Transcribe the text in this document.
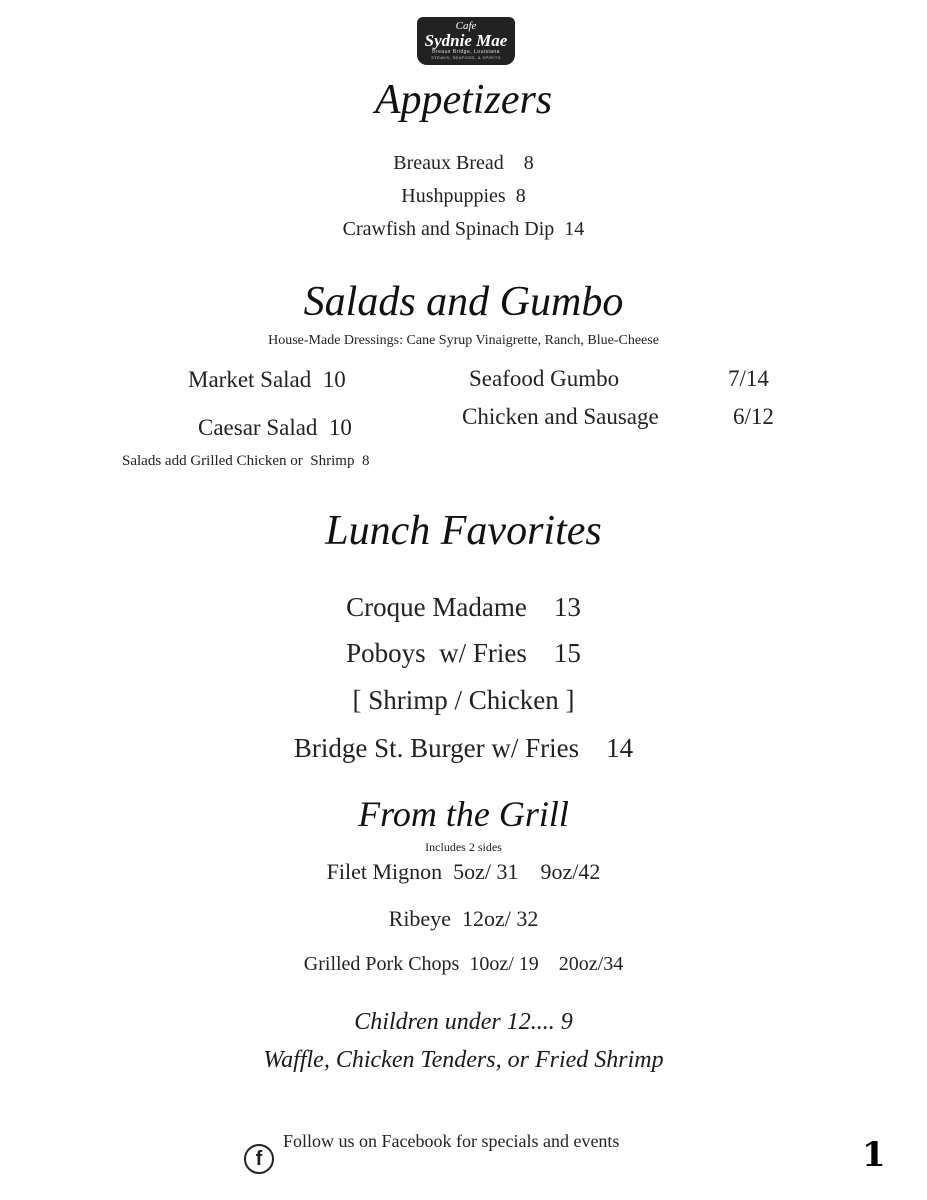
Cafe
Sydnie Mae
Breaux Bridge, Louisiana
STEAKS, SEAFOOD, & SPIRITS
Appetizers
Breaux Bread    8
Hushpuppies  8
Crawfish and Spinach Dip  14
Salads and Gumbo
House-Made Dressings: Cane Syrup Vinaigrette, Ranch, Blue-Cheese
Market Salad  10
Caesar Salad  10
Salads add Grilled Chicken or  Shrimp  8
Seafood Gumbo	7/14
Chicken and Sausage	6/12
Lunch Favorites
Croque Madame    13
Poboys  w/ Fries    15
[ Shrimp / Chicken ]
Bridge St. Burger w/ Fries    14
From the Grill
Includes 2 sides
Filet Mignon  5oz/ 31    9oz/42
Ribeye  12oz/ 32
Grilled Pork Chops  10oz/ 19    20oz/34
Children under 12.... 9
Waffle, Chicken Tenders, or Fried Shrimp
f
Follow us on Facebook for specials and events	1
